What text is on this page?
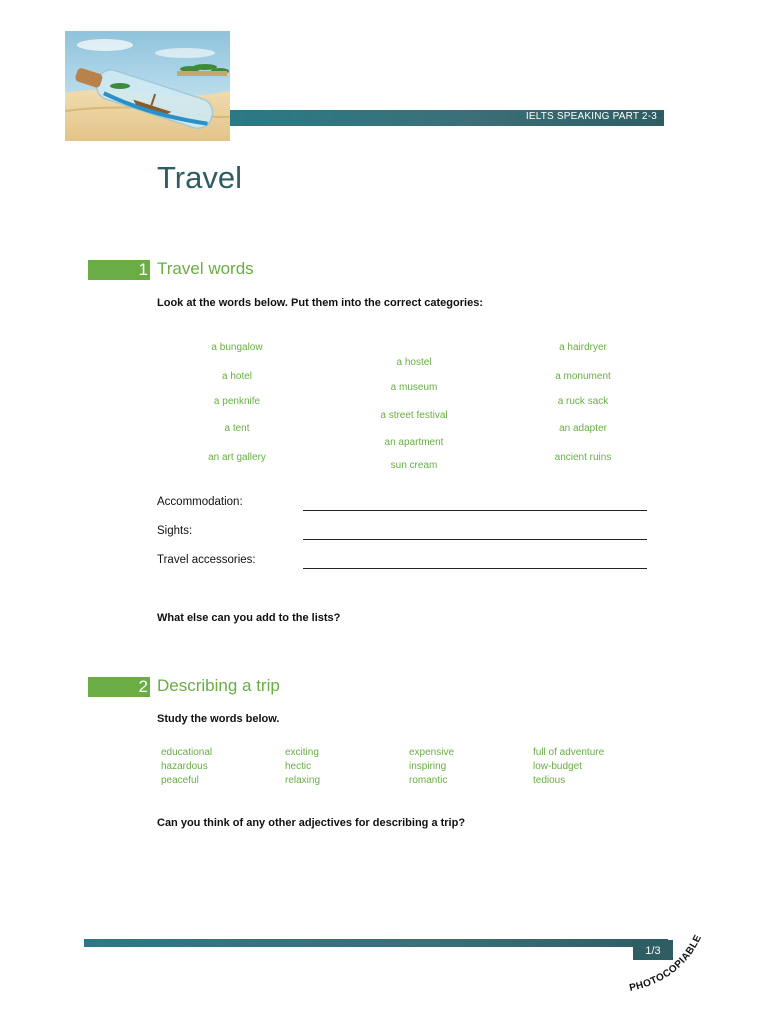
IELTS SPEAKING PART 2-3
Travel
1 Travel words
Look at the words below. Put them into the correct categories:
a bungalow
a hotel
a penknife
a tent
an art gallery
a hostel
a museum
a street festival
an apartment
sun cream
a hairdryer
a monument
a ruck sack
an adapter
ancient ruins
Accommodation:
Sights:
Travel accessories:
What else can you add to the lists?
2 Describing a trip
Study the words below.
educational
hazardous
peaceful
exciting
hectic
relaxing
expensive
inspiring
romantic
full of adventure
low-budget
tedious
Can you think of any other adjectives for describing a trip?
1/3
PHOTOCOPIABLE
